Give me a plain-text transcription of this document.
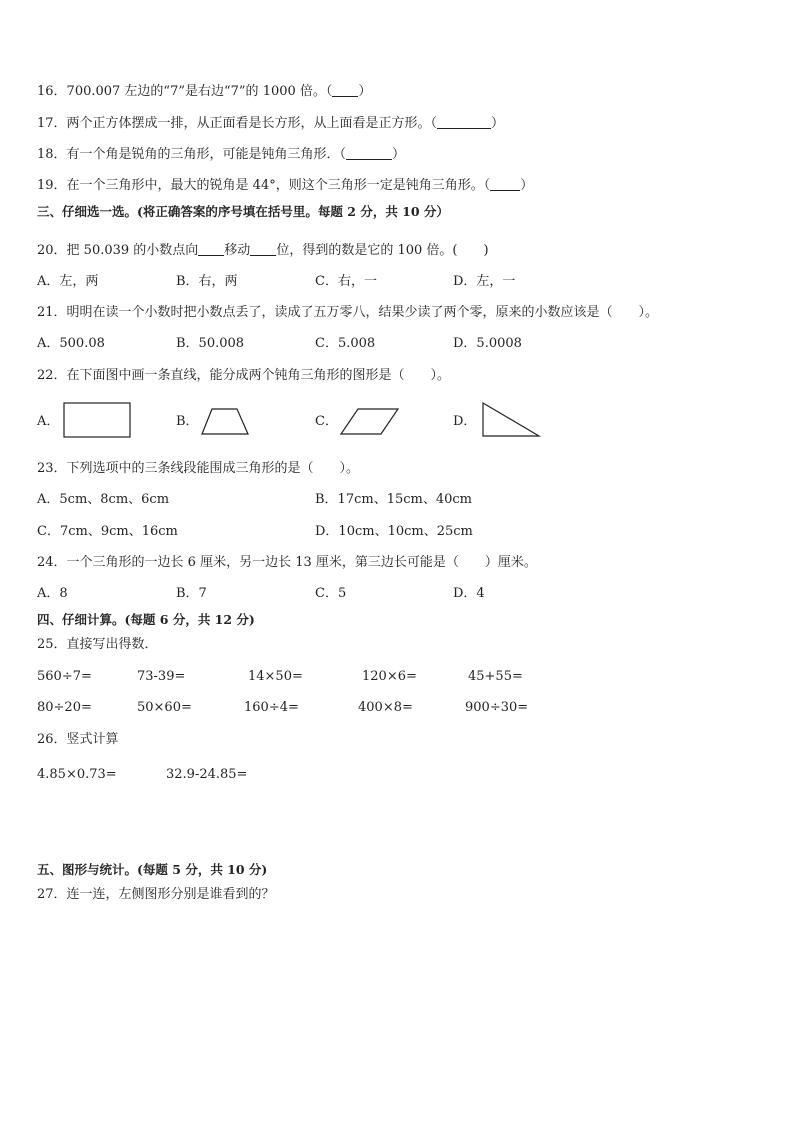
16．700.007 左边的“7”是右边“7”的 1000 倍。（ ）
17．两个正方体摆成一排，从正面看是长方形，从上面看是正方形。（	）
18．有一个角是锐角的三角形，可能是钝角三角形．（	）
19．在一个三角形中，最大的锐角是 44°，则这个三角形一定是钝角三角形。（ ）
三、仔细选一选。(将正确答案的序号填在括号里。每题 2 分，共 10 分）
20．把 50.039 的小数点向 移动 位，得到的数是它的 100 倍。(　　)
A．左，两	B．右，两	C．右，一	D．左，一
21．明明在读一个小数时把小数点丢了，读成了五万零八，结果少读了两个零，原来的小数应该是（　　）。
A．500.08	B．50.008	C．5.008	D．5.0008
22．在下面图中画一条直线，能分成两个钝角三角形的图形是（　　）。
A．	B．	C．	D．
23．下列选项中的三条线段能围成三角形的是（　　）。
A．5cm、8cm、6cm	B．17cm、15cm、40cm
C．7cm、9cm、16cm	D．10cm、10cm、25cm
24．一个三角形的一边长 6 厘米，另一边长 13 厘米，第三边长可能是（　　）厘米。
A．8	B．7	C．5	D．4
四、仔细计算。(每题 6 分，共 12 分)
25．直接写出得数．
560÷7=	73-39=	14×50=	120×6=	45+55=
80÷20=	50×60=	160÷4=	400×8=	900÷30=
26．竖式计算
4.85×0.73=	32.9-24.85=
五、图形与统计。(每题 5 分，共 10 分)
27．连一连，左侧图形分别是谁看到的？
